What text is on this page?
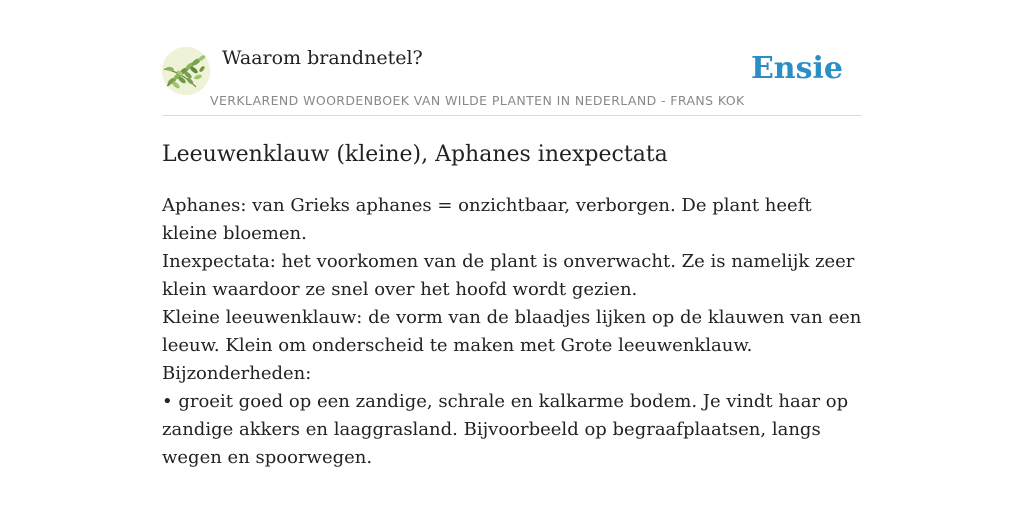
Waarom brandnetel?	Ensie
VERKLAREND WOORDENBOEK VAN WILDE PLANTEN IN NEDERLAND - FRANS KOK
Leeuwenklauw (kleine), Aphanes inexpectata

Aphanes: van Grieks aphanes = onzichtbaar, verborgen. De plant heeft kleine bloemen.

Inexpectata: het voorkomen van de plant is onverwacht. Ze is namelijk zeer klein waardoor ze snel over het hoofd wordt gezien.

Kleine leeuwenklauw: de vorm van de blaadjes lijken op de klauwen van een leeuw. Klein om onderscheid te maken met Grote leeuwenklauw.

Bijzonderheden:

• groeit goed op een zandige, schrale en kalkarme bodem. Je vindt haar op zandige akkers en laaggrasland. Bijvoorbeeld op begraafplaatsen, langs wegen en spoorwegen.
